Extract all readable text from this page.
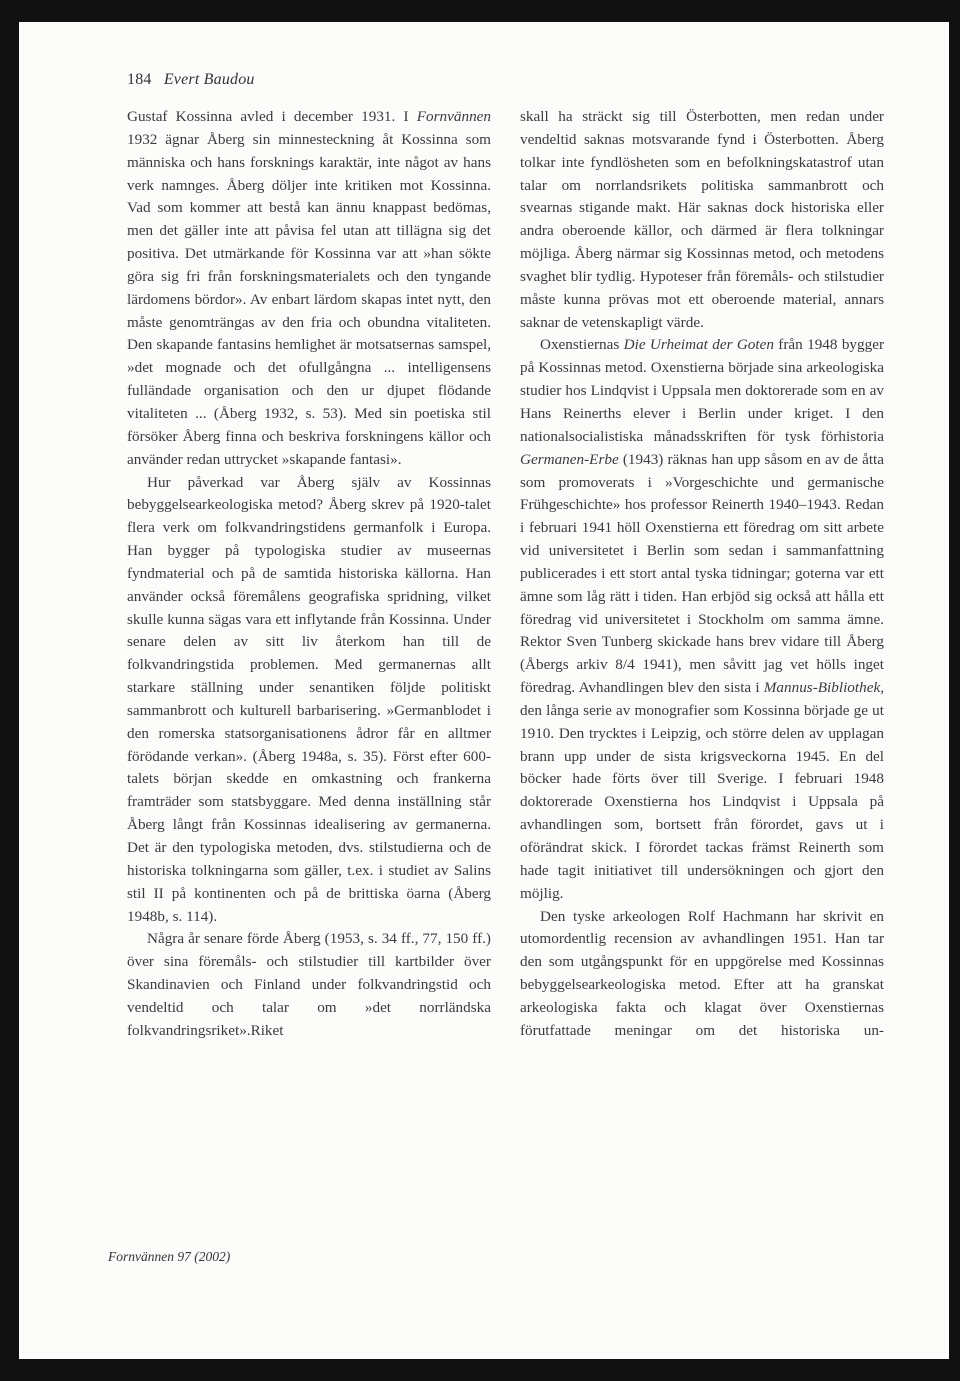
184 Evert Baudou

Gustaf Kossinna avled i december 1931. I Fornvännen 1932 ägnar Åberg sin minnesteckning åt Kossinna som människa och hans forsknings karaktär, inte något av hans verk namnges. Åberg döljer inte kritiken mot Kossinna. Vad som kommer att bestå kan ännu knappast bedömas, men det gäller inte att påvisa fel utan att tillägna sig det positiva. Det utmärkande för Kossinna var att »han sökte göra sig fri från forskningsmaterialets och den tyngande lärdomens bördor». Av enbart lärdom skapas intet nytt, den måste genomträngas av den fria och obundna vitaliteten. Den skapande fantasins hemlighet är motsatsernas samspel, »det mognade och det ofullgångna ... intelligensens fulländade organisation och den ur djupet flödande vitaliteten ... (Åberg 1932, s. 53). Med sin poetiska stil försöker Åberg finna och beskriva forskningens källor och använder redan uttrycket »skapande fantasi».

Hur påverkad var Åberg själv av Kossinnas bebyggelsearkeologiska metod? Åberg skrev på 1920-talet flera verk om folkvandringstidens germanfolk i Europa. Han bygger på typologiska studier av museernas fyndmaterial och på de samtida historiska källorna. Han använder också föremålens geografiska spridning, vilket skulle kunna sägas vara ett inflytande från Kossinna. Under senare delen av sitt liv återkom han till de folkvandringstida problemen. Med germanernas allt starkare ställning under senantiken följde politiskt sammanbrott och kulturell barbarisering. »Germanblodet i den romerska statsorganisationens ådror får en alltmer förödande verkan». (Åberg 1948a, s. 35). Först efter 600-talets början skedde en omkastning och frankerna framträder som statsbyggare. Med denna inställning står Åberg långt från Kossinnas idealisering av germanerna. Det är den typologiska metoden, dvs. stilstudierna och de historiska tolkningarna som gäller, t.ex. i studiet av Salins stil II på kontinenten och på de brittiska öarna (Åberg 1948b, s. 114).

Några år senare förde Åberg (1953, s. 34 ff., 77, 150 ff.) över sina föremåls- och stilstudier till kartbilder över Skandinavien och Finland under folkvandringstid och vendeltid och talar om »det norrländska folkvandringsriket».Riket

skall ha sträckt sig till Österbotten, men redan under vendeltid saknas motsvarande fynd i Österbotten. Åberg tolkar inte fyndlösheten som en befolkningskatastrof utan talar om norrlandsrikets politiska sammanbrott och svearnas stigande makt. Här saknas dock historiska eller andra oberoende källor, och därmed är flera tolkningar möjliga. Åberg närmar sig Kossinnas metod, och metodens svaghet blir tydlig. Hypoteser från föremåls- och stilstudier måste kunna prövas mot ett oberoende material, annars saknar de vetenskapligt värde.

Oxenstiernas Die Urheimat der Goten från 1948 bygger på Kossinnas metod. Oxenstierna började sina arkeologiska studier hos Lindqvist i Uppsala men doktorerade som en av Hans Reinerths elever i Berlin under kriget. I den nationalsocialistiska månadsskriften för tysk förhistoria Germanen-Erbe (1943) räknas han upp såsom en av de åtta som promoverats i »Vorgeschichte und germanische Frühgeschichte» hos professor Reinerth 1940–1943. Redan i februari 1941 höll Oxenstierna ett föredrag om sitt arbete vid universitetet i Berlin som sedan i sammanfattning publicerades i ett stort antal tyska tidningar; goterna var ett ämne som låg rätt i tiden. Han erbjöd sig också att hålla ett föredrag vid universitetet i Stockholm om samma ämne. Rektor Sven Tunberg skickade hans brev vidare till Åberg (Åbergs arkiv 8/4 1941), men såvitt jag vet hölls inget föredrag. Avhandlingen blev den sista i Mannus-Bibliothek, den långa serie av monografier som Kossinna började ge ut 1910. Den trycktes i Leipzig, och större delen av upplagan brann upp under de sista krigsveckorna 1945. En del böcker hade förts över till Sverige. I februari 1948 doktorerade Oxenstierna hos Lindqvist i Uppsala på avhandlingen som, bortsett från förordet, gavs ut i oförändrat skick. I förordet tackas främst Reinerth som hade tagit initiativet till undersökningen och gjort den möjlig.

Den tyske arkeologen Rolf Hachmann har skrivit en utomordentlig recension av avhandlingen 1951. Han tar den som utgångspunkt för en uppgörelse med Kossinnas bebyggelsearkeologiska metod. Efter att ha granskat arkeologiska fakta och klagat över Oxenstiernas förutfattade meningar om det historiska un-

Fornvännen 97 (2002)
